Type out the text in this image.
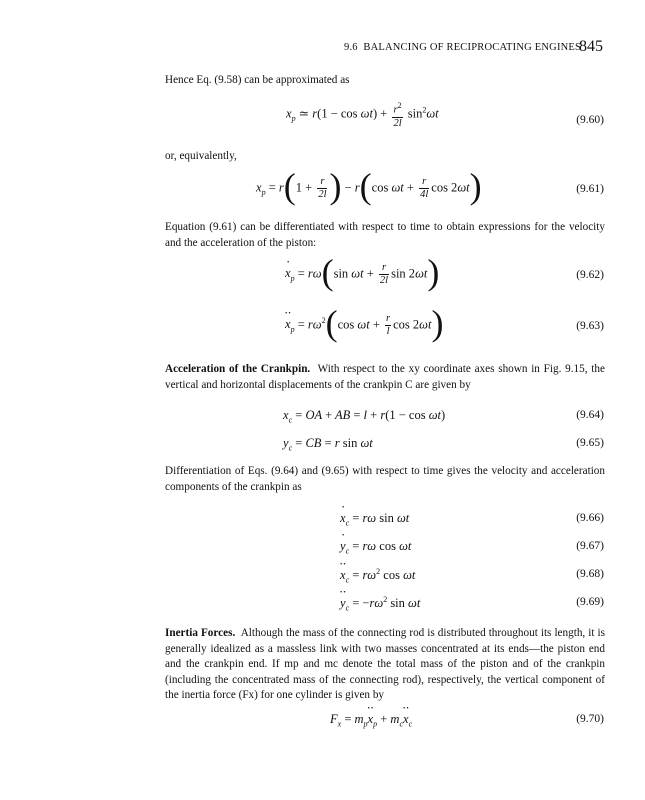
9.6 BALANCING OF RECIPROCATING ENGINES
845
Hence Eq. (9.58) can be approximated as
$x_p$ ≃ $r(1 - \cos \omega t) + \frac{r^2}{2l} \sin^2\omega t$	(9.60)
or, equivalently,
$x_p = r(1 + \frac{r}{2l}$ ) − r(cos $\omega t + \frac{r}{4l}$ cos 2ωt)	(9.61)
Equation (9.61) can be differentiated with respect to time to obtain expressions for the velocity and the acceleration of the piston:
· $x_p = r\omega(\sin$ $\omega t + \frac{r}{2l}$ sin 2ωt)	(9.62)
·· $x_p = r\omega^2(\cos$ $\omega t + \frac{r}{l}$ cos 2ωt)	(9.63)
Acceleration of the Crankpin. With respect to the xy coordinate axes shown in Fig. 9.15, the vertical and horizontal displacements of the crankpin C are given by
$x_c$ = OA + AB = l + r(1 − cos ωt)	(9.64)
$y_c$ = CB = r sin ωt	(9.65)
Differentiation of Eqs. (9.64) and (9.65) with respect to time gives the velocity and acceleration components of the crankpin as
· $x_c = r\omega$ sin ωt	(9.66)
· $y_c = r\omega$ cos ωt	(9.67)
·· $x_c = r\omega^2$ cos ωt	(9.68)
·· $y_c = -r\omega^2$ sin ωt	(9.69)
Inertia Forces. Although the mass of the connecting rod is distributed throughout its length, it is generally idealized as a massless link with two masses concentrated at its ends—the piston end and the crankpin end. If mp and mc denote the total mass of the piston and of the crankpin (including the concentrated mass of the connecting rod), respectively, the vertical component of the inertia force (Fx) for one cylinder is given by
$F_x = m_p\cdot\cdot x_p + m_c\cdot\cdot x_c$	(9.70)
